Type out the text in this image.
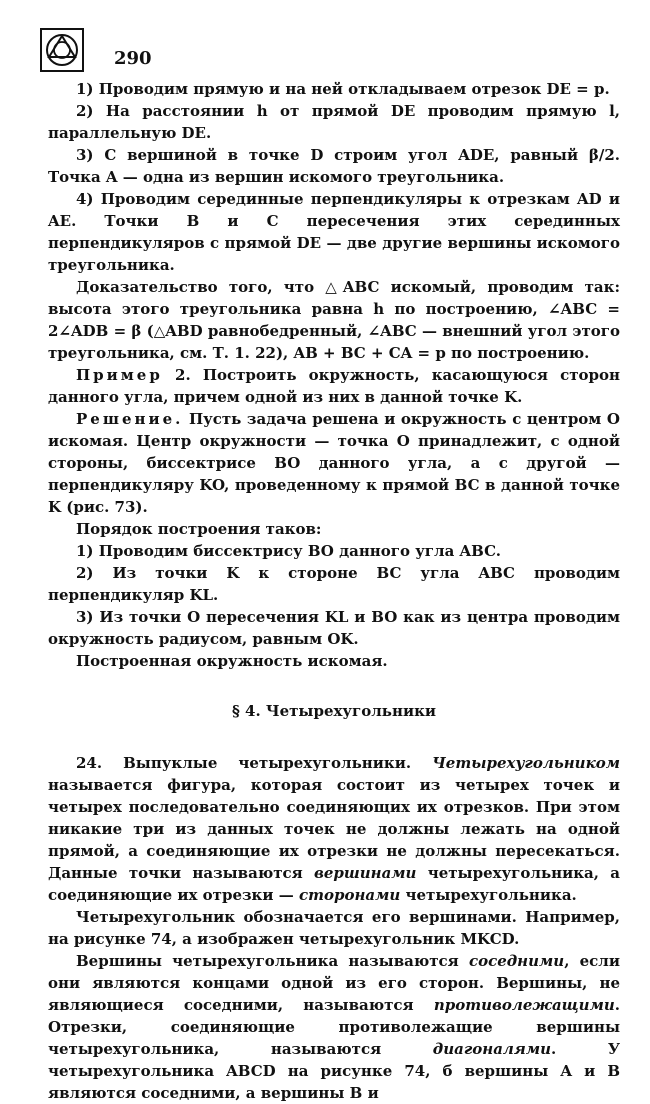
290

1) Проводим прямую и на ней откладываем отрезок DE = p.

2) На расстоянии h от прямой DE проводим прямую l, параллельную DE.

3) С вершиной в точке D строим угол ADE, равный β/2. Точка A — одна из вершин искомого треугольника.

4) Проводим серединные перпендикуляры к отрезкам AD и AE. Точки B и C пересечения этих серединных перпендикуляров с прямой DE — две другие вершины искомого треугольника.

Доказательство того, что △ABC искомый, проводим так: высота этого треугольника равна h по построению, ∠ABC = 2∠ADB = β (△ABD равнобедренный, ∠ABC — внешний угол этого треугольника, см. Т. 1. 22), AB + BC + CA = p по построению.

Пример 2. Построить окружность, касающуюся сторон данного угла, причем одной из них в данной точке K.

Решение. Пусть задача решена и окружность с центром O искомая. Центр окружности — точка O принадлежит, с одной стороны, биссектрисе BO данного угла, а с другой — перпендикуляру KO, проведенному к прямой BC в данной точке K (рис. 73).

Порядок построения таков:

1) Проводим биссектрису BO данного угла ABC.

2) Из точки K к стороне BC угла ABC проводим перпендикуляр KL.

3) Из точки O пересечения KL и BO как из центра проводим окружность радиусом, равным OK.

Построенная окружность искомая.

§ 4. Четырехугольники

24. Выпуклые четырехугольники. Четырехугольником называется фигура, которая состоит из четырех точек и четырех последовательно соединяющих их отрезков. При этом никакие три из данных точек не должны лежать на одной прямой, а соединяющие их отрезки не должны пересекаться. Данные точки называются вершинами четырехугольника, а соединяющие их отрезки — сторонами четырехугольника.

Четырехугольник обозначается его вершинами. Например, на рисунке 74, а изображен четырехугольник MKCD.

Вершины четырехугольника называются соседними, если они являются концами одной из его сторон. Вершины, не являющиеся соседними, называются противолежащими. Отрезки, соединяющие противолежащие вершины четырехугольника, называются диагоналями. У четырехугольника ABCD на рисунке 74, б вершины A и B являются соседними, а вершины B и
